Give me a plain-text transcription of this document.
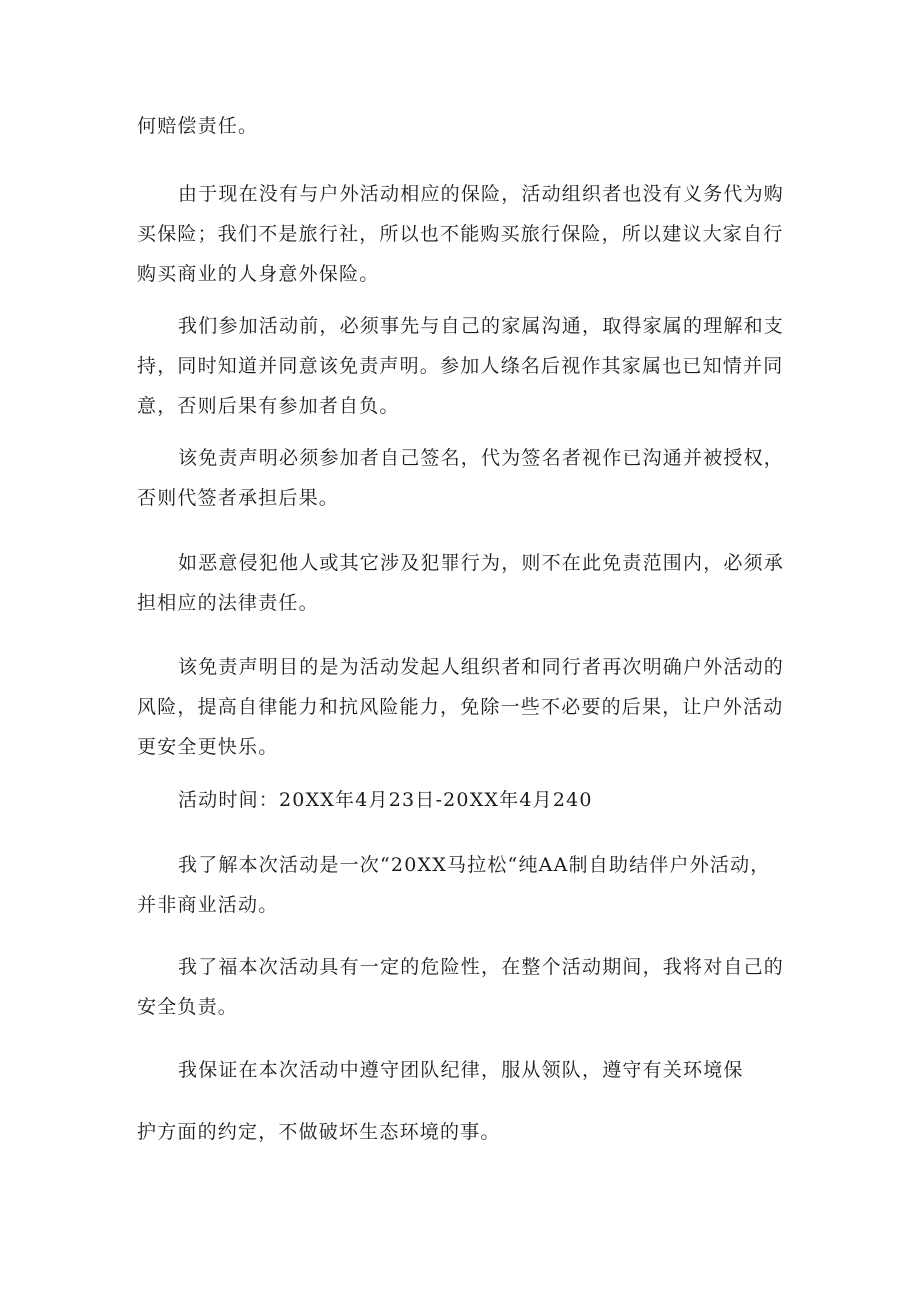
何赔偿责任。

由于现在没有与户外活动相应的保险，活动组织者也没有义务代为购买保险；我们不是旅行社，所以也不能购买旅行保险，所以建议大家自行购买商业的人身意外保险。

我们参加活动前，必须事先与自己的家属沟通，取得家属的理解和支持，同时知道并同意该免责声明。参加人绦名后视作其家属也已知情并同意，否则后果有参加者自负。

该免责声明必须参加者自己签名，代为签名者视作已沟通并被授权，否则代签者承担后果。

如恶意侵犯他人或其它涉及犯罪行为，则不在此免责范围内，必须承担相应的法律责任。

该免责声明目的是为活动发起人组织者和同行者再次明确户外活动的风险，提高自律能力和抗风险能力，免除一些不必要的后果，让户外活动更安全更快乐。

活动时间：20XX年4月23日-20XX年4月240

我了解本次活动是一次“20XX马拉松“纯AA制自助结伴户外活动，并非商业活动。

我了福本次活动具有一定的危险性，在整个活动期间，我将对自己的安全负责。

我保证在本次活动中遵守团队纪律，服从领队，遵守有关环境保

护方面的约定，不做破坏生态环境的事。
